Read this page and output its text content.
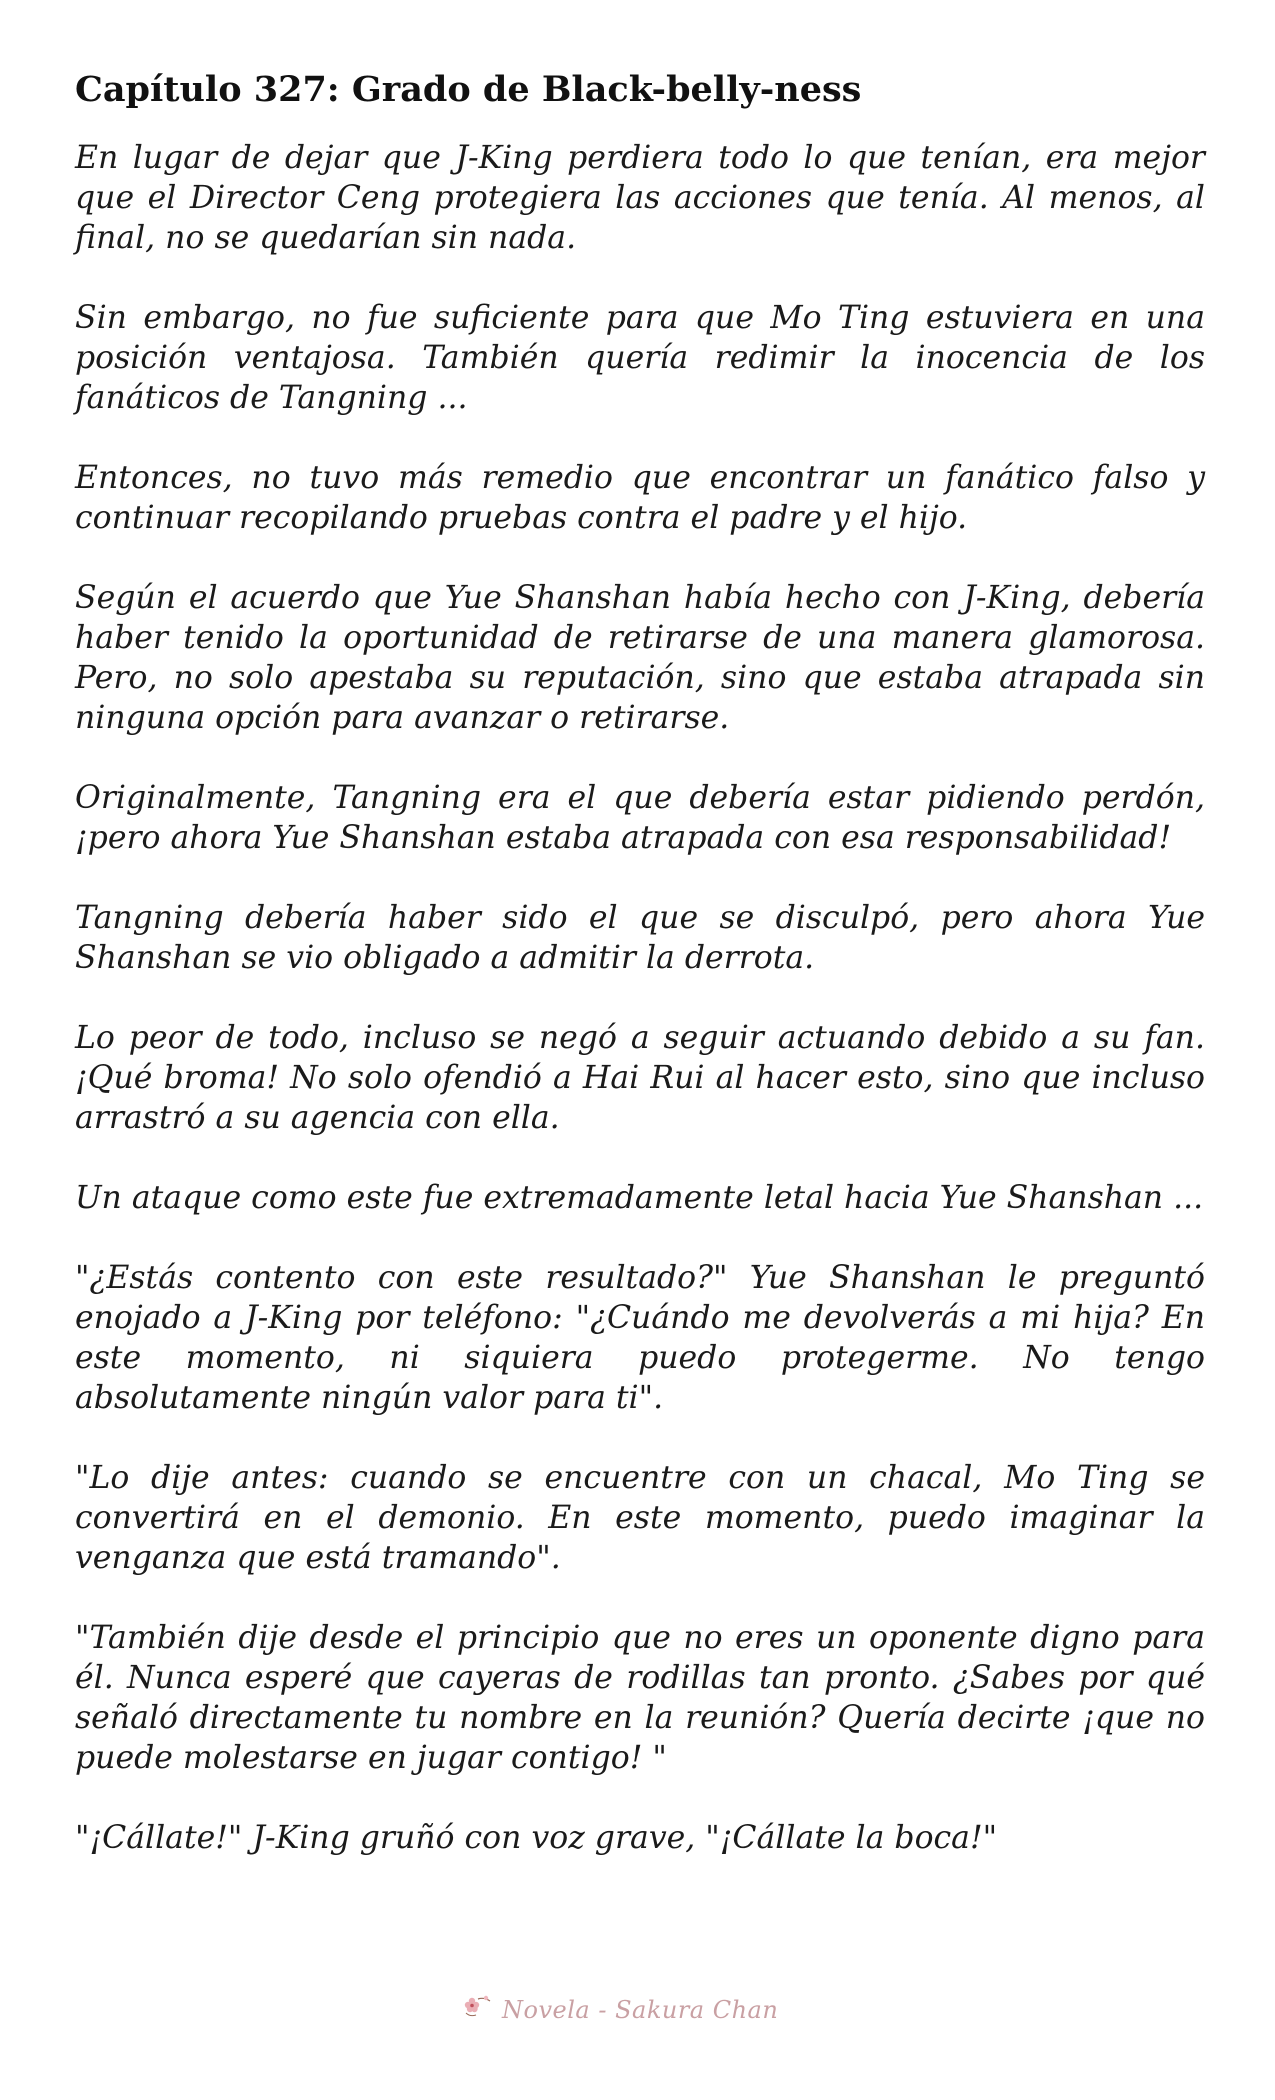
Capítulo 327: Grado de Black-belly-ness

En lugar de dejar que J-King perdiera todo lo que tenían, era mejor que el Director Ceng protegiera las acciones que tenía. Al menos, al final, no se quedarían sin nada.

Sin embargo, no fue suficiente para que Mo Ting estuviera en una posición ventajosa. También quería redimir la inocencia de los fanáticos de Tangning ...

Entonces, no tuvo más remedio que encontrar un fanático falso y continuar recopilando pruebas contra el padre y el hijo.

Según el acuerdo que Yue Shanshan había hecho con J-King, debería haber tenido la oportunidad de retirarse de una manera glamorosa. Pero, no solo apestaba su reputación, sino que estaba atrapada sin ninguna opción para avanzar o retirarse.

Originalmente, Tangning era el que debería estar pidiendo perdón, ¡pero ahora Yue Shanshan estaba atrapada con esa responsabilidad!

Tangning debería haber sido el que se disculpó, pero ahora Yue Shanshan se vio obligado a admitir la derrota.

Lo peor de todo, incluso se negó a seguir actuando debido a su fan. ¡Qué broma! No solo ofendió a Hai Rui al hacer esto, sino que incluso arrastró a su agencia con ella.

Un ataque como este fue extremadamente letal hacia Yue Shanshan ...

"¿Estás contento con este resultado?" Yue Shanshan le preguntó enojado a J-King por teléfono: "¿Cuándo me devolverás a mi hija? En este momento, ni siquiera puedo protegerme. No tengo absolutamente ningún valor para ti".

"Lo dije antes: cuando se encuentre con un chacal, Mo Ting se convertirá en el demonio. En este momento, puedo imaginar la venganza que está tramando".

"También dije desde el principio que no eres un oponente digno para él. Nunca esperé que cayeras de rodillas tan pronto. ¿Sabes por qué señaló directamente tu nombre en la reunión? Quería decirte ¡que no puede molestarse en jugar contigo! "

"¡Cállate!" J-King gruñó con voz grave, "¡Cállate la boca!"

Novela - Sakura Chan
